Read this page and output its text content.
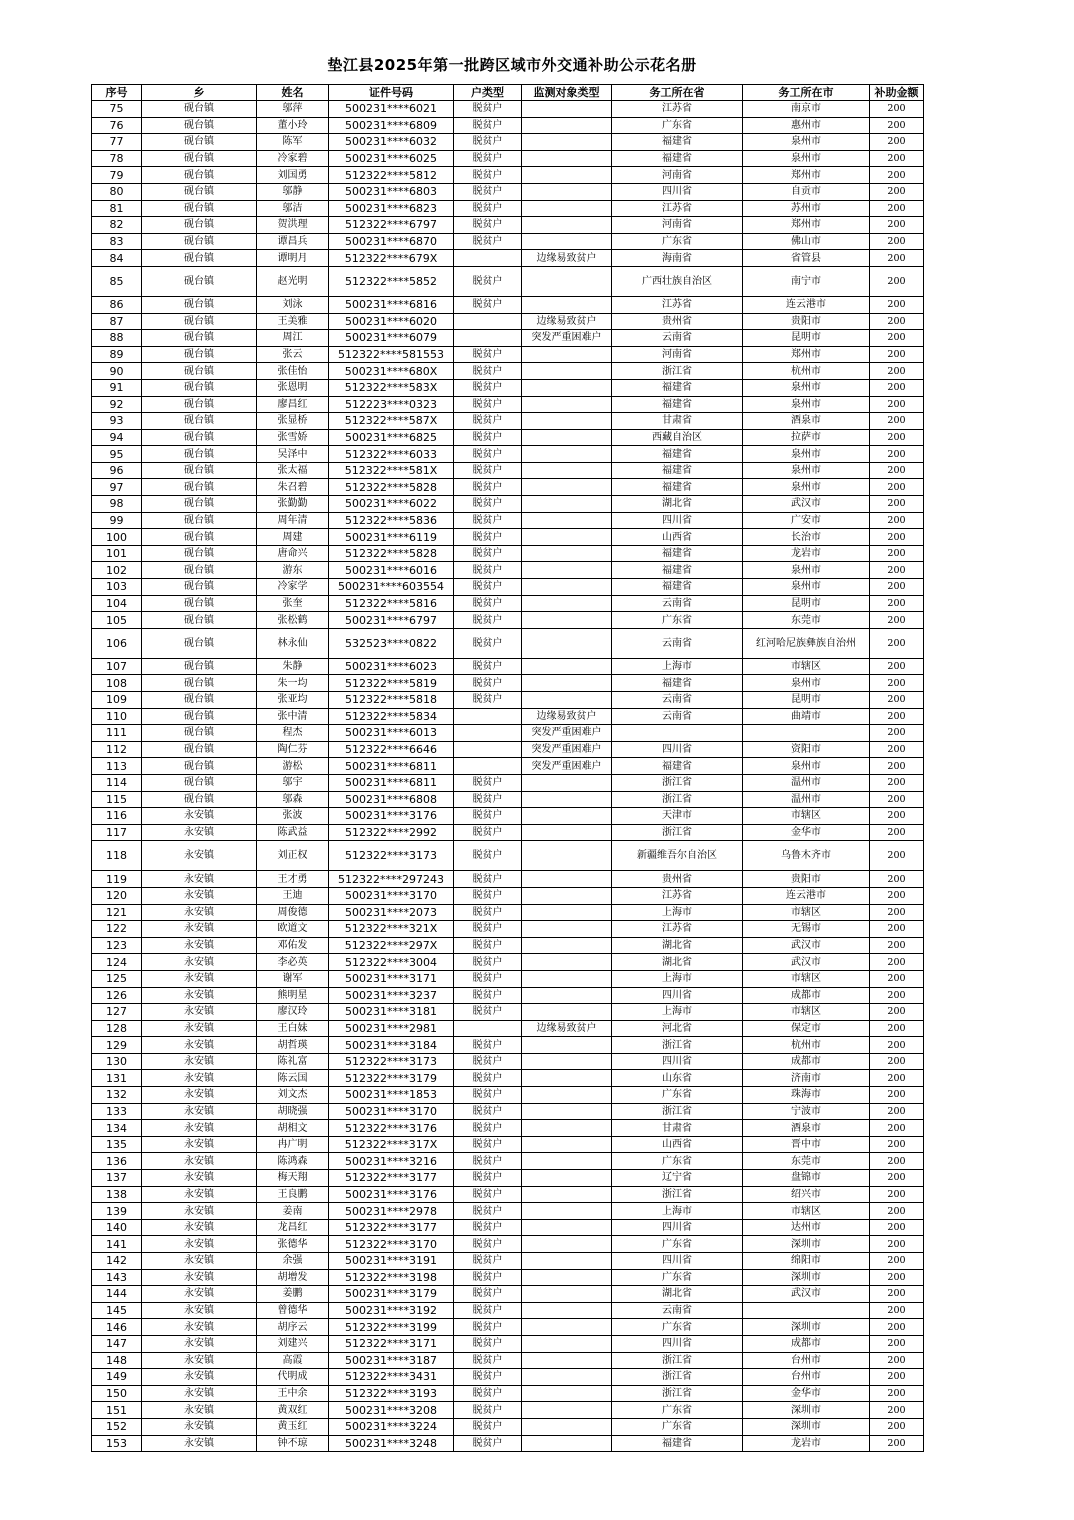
垫江县2025年第一批跨区域市外交通补助公示花名册
序号	乡	姓名	证件号码	户类型	监测对象类型	务工所在省	务工所在市	补助金额
75	砚台镇	邬萍	500231****6021	脱贫户		江苏省	南京市	200
76	砚台镇	董小玲	500231****6809	脱贫户		广东省	惠州市	200
77	砚台镇	陈军	500231****6032	脱贫户		福建省	泉州市	200
78	砚台镇	冷家碧	500231****6025	脱贫户		福建省	泉州市	200
79	砚台镇	刘国勇	512322****5812	脱贫户		河南省	郑州市	200
80	砚台镇	邬静	500231****6803	脱贫户		四川省	自贡市	200
81	砚台镇	邬洁	500231****6823	脱贫户		江苏省	苏州市	200
82	砚台镇	贺洪理	512322****6797	脱贫户		河南省	郑州市	200
83	砚台镇	谭昌兵	500231****6870	脱贫户		广东省	佛山市	200
84	砚台镇	谭明月	512322****679X		边缘易致贫户	海南省	省管县	200
85	砚台镇	赵光明	512322****5852	脱贫户		广西壮族自治区	南宁市	200
86	砚台镇	刘泳	500231****6816	脱贫户		江苏省	连云港市	200
87	砚台镇	王美雅	500231****6020		边缘易致贫户	贵州省	贵阳市	200
88	砚台镇	周江	500231****6079		突发严重困难户	云南省	昆明市	200
89	砚台镇	张云	512322****581553	脱贫户		河南省	郑州市	200
90	砚台镇	张佳怡	500231****680X	脱贫户		浙江省	杭州市	200
91	砚台镇	张恩明	512322****583X	脱贫户		福建省	泉州市	200
92	砚台镇	廖昌红	512223****0323	脱贫户		福建省	泉州市	200
93	砚台镇	张显桥	512322****587X	脱贫户		甘肃省	酒泉市	200
94	砚台镇	张雪娇	500231****6825	脱贫户		西藏自治区	拉萨市	200
95	砚台镇	吴泽中	512322****6033	脱贫户		福建省	泉州市	200
96	砚台镇	张太福	512322****581X	脱贫户		福建省	泉州市	200
97	砚台镇	朱召碧	512322****5828	脱贫户		福建省	泉州市	200
98	砚台镇	张勤勤	500231****6022	脱贫户		湖北省	武汉市	200
99	砚台镇	周年清	512322****5836	脱贫户		四川省	广安市	200
100	砚台镇	周建	500231****6119	脱贫户		山西省	长治市	200
101	砚台镇	唐命兴	512322****5828	脱贫户		福建省	龙岩市	200
102	砚台镇	游东	500231****6016	脱贫户		福建省	泉州市	200
103	砚台镇	冷家学	500231****603554	脱贫户		福建省	泉州市	200
104	砚台镇	张奎	512322****5816	脱贫户		云南省	昆明市	200
105	砚台镇	张松鹤	500231****6797	脱贫户		广东省	东莞市	200
106	砚台镇	林永仙	532523****0822	脱贫户		云南省	红河哈尼族彝族自治州	200
107	砚台镇	朱静	500231****6023	脱贫户		上海市	市辖区	200
108	砚台镇	朱一均	512322****5819	脱贫户		福建省	泉州市	200
109	砚台镇	张亚均	512322****5818	脱贫户		云南省	昆明市	200
110	砚台镇	张中清	512322****5834		边缘易致贫户	云南省	曲靖市	200
111	砚台镇	程杰	500231****6013		突发严重困难户			200
112	砚台镇	陶仁芬	512322****6646		突发严重困难户	四川省	资阳市	200
113	砚台镇	游松	500231****6811		突发严重困难户	福建省	泉州市	200
114	砚台镇	邬宇	500231****6811	脱贫户		浙江省	温州市	200
115	砚台镇	邬森	500231****6808	脱贫户		浙江省	温州市	200
116	永安镇	张波	500231****3176	脱贫户		天津市	市辖区	200
117	永安镇	陈武益	512322****2992	脱贫户		浙江省	金华市	200
118	永安镇	刘正权	512322****3173	脱贫户		新疆维吾尔自治区	乌鲁木齐市	200
119	永安镇	王才勇	512322****297243	脱贫户		贵州省	贵阳市	200
120	永安镇	王迪	500231****3170	脱贫户		江苏省	连云港市	200
121	永安镇	周俊德	500231****2073	脱贫户		上海市	市辖区	200
122	永安镇	欧道文	512322****321X	脱贫户		江苏省	无锡市	200
123	永安镇	邓佑发	512322****297X	脱贫户		湖北省	武汉市	200
124	永安镇	李必英	512322****3004	脱贫户		湖北省	武汉市	200
125	永安镇	谢军	500231****3171	脱贫户		上海市	市辖区	200
126	永安镇	熊明星	500231****3237	脱贫户		四川省	成都市	200
127	永安镇	廖汉玲	500231****3181	脱贫户		上海市	市辖区	200
128	永安镇	王白妹	500231****2981		边缘易致贫户	河北省	保定市	200
129	永安镇	胡哲瑛	500231****3184	脱贫户		浙江省	杭州市	200
130	永安镇	陈礼富	512322****3173	脱贫户		四川省	成都市	200
131	永安镇	陈云国	512322****3179	脱贫户		山东省	济南市	200
132	永安镇	刘文杰	500231****1853	脱贫户		广东省	珠海市	200
133	永安镇	胡晓强	500231****3170	脱贫户		浙江省	宁波市	200
134	永安镇	胡相文	512322****3176	脱贫户		甘肃省	酒泉市	200
135	永安镇	冉广明	512322****317X	脱贫户		山西省	晋中市	200
136	永安镇	陈鸿森	500231****3216	脱贫户		广东省	东莞市	200
137	永安镇	梅天翔	512322****3177	脱贫户		辽宁省	盘锦市	200
138	永安镇	王良鹏	500231****3176	脱贫户		浙江省	绍兴市	200
139	永安镇	姜南	500231****2978	脱贫户		上海市	市辖区	200
140	永安镇	龙昌红	512322****3177	脱贫户		四川省	达州市	200
141	永安镇	张德华	512322****3170	脱贫户		广东省	深圳市	200
142	永安镇	余强	500231****3191	脱贫户		四川省	绵阳市	200
143	永安镇	胡增发	512322****3198	脱贫户		广东省	深圳市	200
144	永安镇	姜鹏	500231****3179	脱贫户		湖北省	武汉市	200
145	永安镇	曾德华	500231****3192	脱贫户		云南省		200
146	永安镇	胡序云	512322****3199	脱贫户		广东省	深圳市	200
147	永安镇	刘建兴	512322****3171	脱贫户		四川省	成都市	200
148	永安镇	高霞	500231****3187	脱贫户		浙江省	台州市	200
149	永安镇	代明成	512322****3431	脱贫户		浙江省	台州市	200
150	永安镇	王中余	512322****3193	脱贫户		浙江省	金华市	200
151	永安镇	黄双红	500231****3208	脱贫户		广东省	深圳市	200
152	永安镇	黄玉红	500231****3224	脱贫户		广东省	深圳市	200
153	永安镇	钟不琼	500231****3248	脱贫户		福建省	龙岩市	200
